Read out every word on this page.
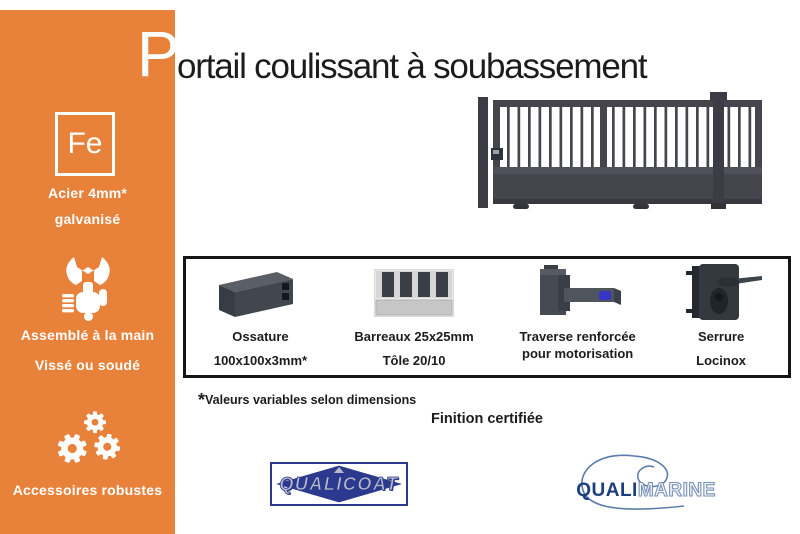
Fe
Acier 4mm*
galvanisé
Assemblé à la main
Vissé ou soudé
Accessoires robustes
P
ortail coulissant à soubassement
Ossature
100x100x3mm*
Barreaux 25x25mm
Tôle 20/10
Traverse renforcée
pour motorisation
Serrure
Locinox
*Valeurs variables selon dimensions
Finition certifiée
QUALICOAT	QUALIMARINE
